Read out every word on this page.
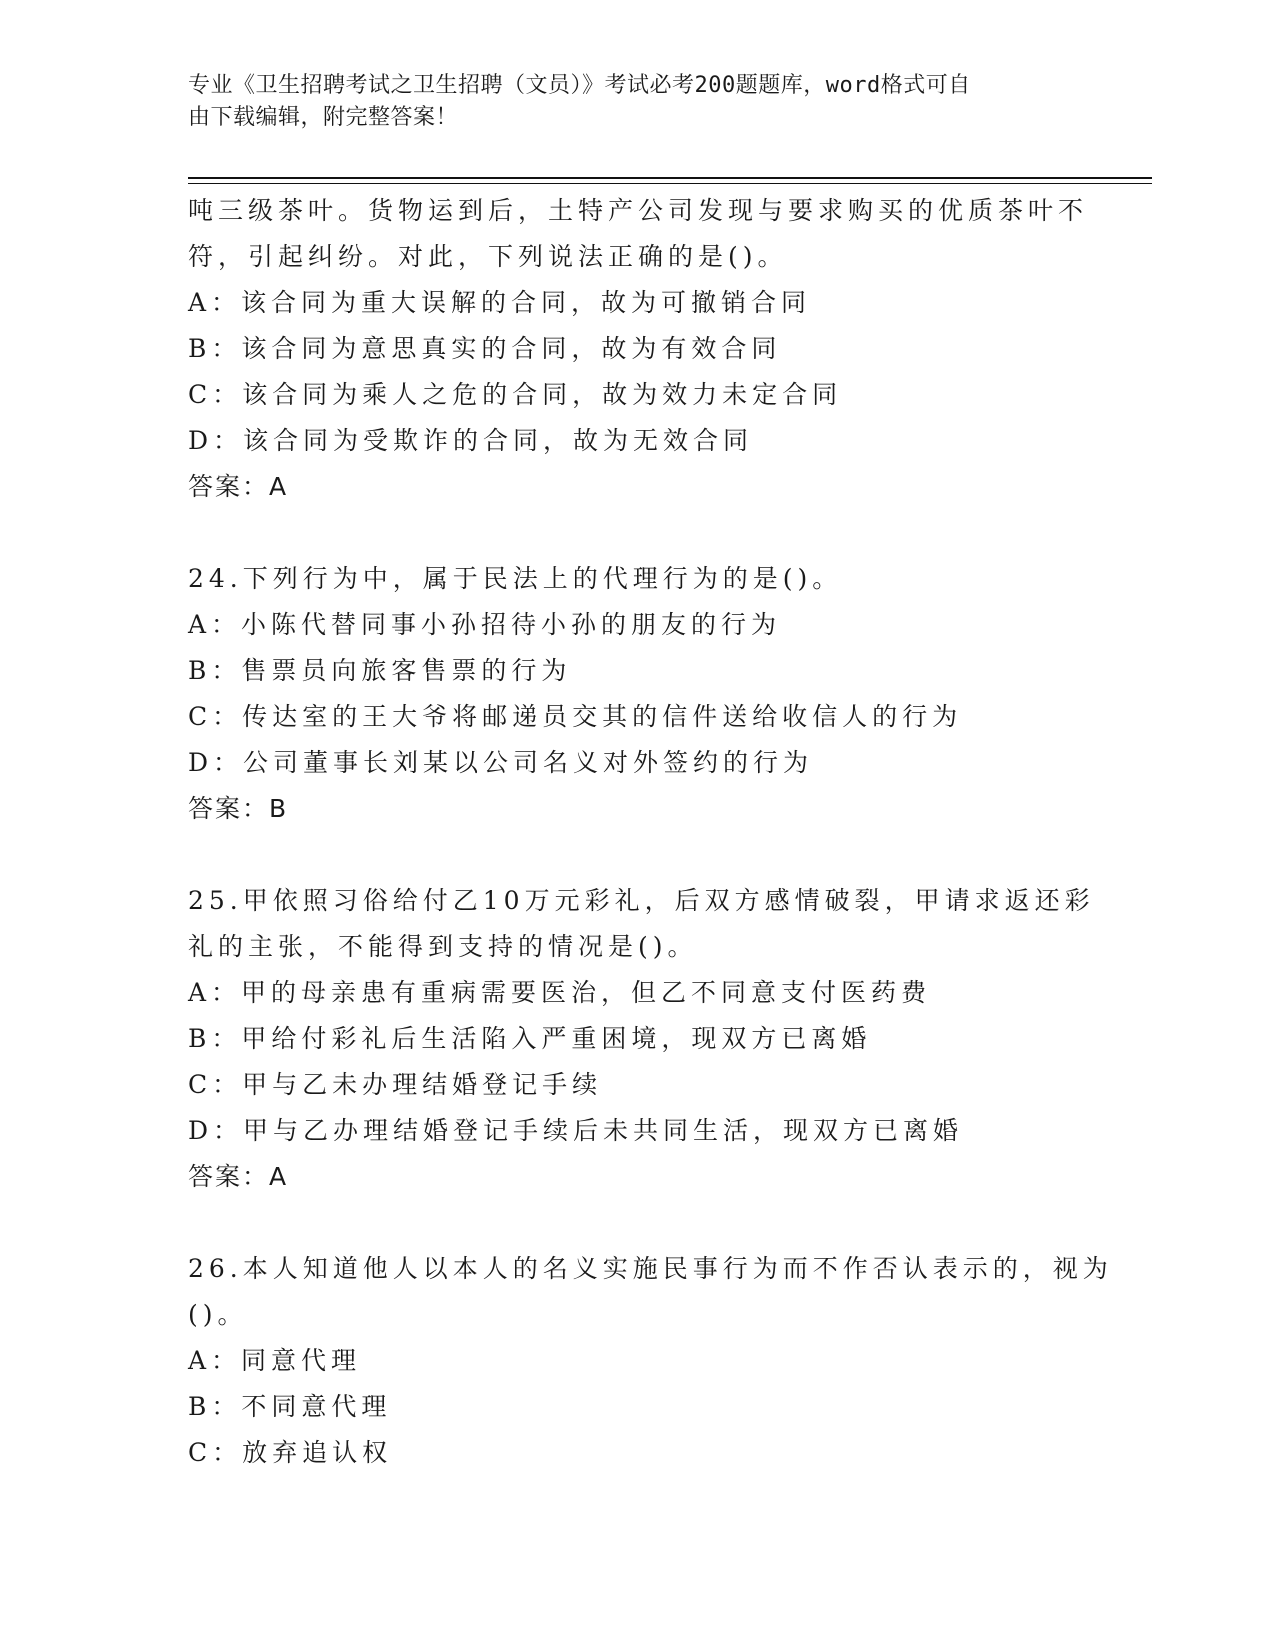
专业《卫生招聘考试之卫生招聘（文员）》考试必考200题题库，word格式可自
由下载编辑，附完整答案！
吨三级茶叶。货物运到后，土特产公司发现与要求购买的优质茶叶不
符，引起纠纷。对此，下列说法正确的是()。
A：该合同为重大误解的合同，故为可撤销合同
B：该合同为意思真实的合同，故为有效合同
C：该合同为乘人之危的合同，故为效力未定合同
D：该合同为受欺诈的合同，故为无效合同
答案：A
24.下列行为中，属于民法上的代理行为的是()。
A：小陈代替同事小孙招待小孙的朋友的行为
B：售票员向旅客售票的行为
C：传达室的王大爷将邮递员交其的信件送给收信人的行为
D：公司董事长刘某以公司名义对外签约的行为
答案：B
25.甲依照习俗给付乙10万元彩礼，后双方感情破裂，甲请求返还彩
礼的主张，不能得到支持的情况是()。
A：甲的母亲患有重病需要医治，但乙不同意支付医药费
B：甲给付彩礼后生活陷入严重困境，现双方已离婚
C：甲与乙未办理结婚登记手续
D：甲与乙办理结婚登记手续后未共同生活，现双方已离婚
答案：A
26.本人知道他人以本人的名义实施民事行为而不作否认表示的，视为
()。
A：同意代理
B：不同意代理
C：放弃追认权
